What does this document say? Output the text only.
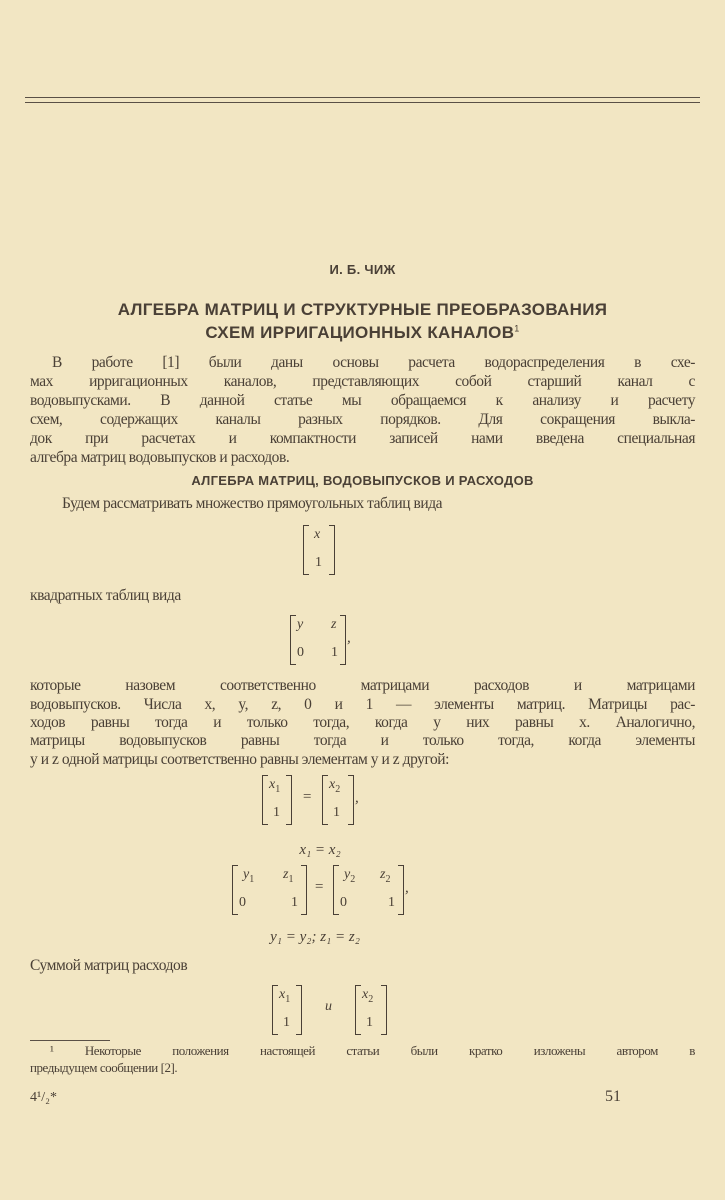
И. Б. ЧИЖ
АЛГЕБРА МАТРИЦ И СТРУКТУРНЫЕ ПРЕОБРАЗОВАНИЯ
СХЕМ ИРРИГАЦИОННЫХ КАНАЛОВ$^1$
В работе [1] были даны основы расчета водораспределения в схе-
мах ирригационных каналов, представляющих собой старший канал с
водовыпусками. В данной статье мы обращаемся к анализу и расчету
схем, содержащих каналы разных порядков. Для сокращения выкла-
док при расчетах и компактности записей нами введена специальная
алгебра матриц водовыпусков и расходов.
АЛГЕБРА МАТРИЦ, ВОДОВЫПУСКОВ И РАСХОДОВ
Будем рассматривать множество прямоугольных таблиц вида
x
1
квадратных таблиц вида
y z
0 1
,
которые назовем соответственно матрицами расходов и матрицами
водовыпусков. Числа x, y, z, 0 и 1 — элементы матриц. Матрицы рас-
ходов равны тогда и только тогда, когда у них равны x. Аналогично,
матрицы водовыпусков равны тогда и только тогда, когда элементы
y и z одной матрицы соответственно равны элементам y и z другой:
$x_1$
1
=
$x_2$
1
,
x₁ = x₂
$y_1$ $z_1$
0	1
=
$y_2$ $z_2$
0	1
,
y₁ = y₂; z₁ = z₂
Суммой матриц расходов
$x_1$
1
и
$x_2$
1
¹ Некоторые положения настоящей статьи были кратко изложены автором в
предыдущем сообщении [2].
4¹/₂*	51
